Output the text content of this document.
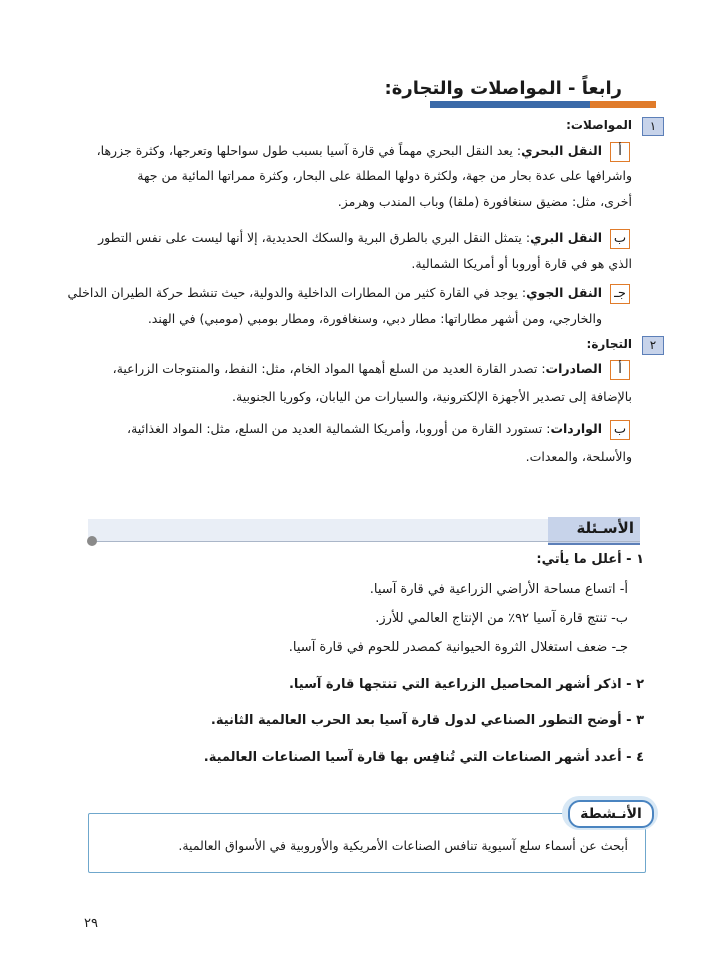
رابعاً - المواصلات والتجارة:
١
المواصلات:
أ
النقل البحري: يعد النقل البحري مهماً في قارة آسيا بسبب طول سواحلها وتعرجها، وكثرة جزرها،
واشرافها على عدة بحار من جهة، ولكثرة دولها المطلة على البحار، وكثرة ممراتها المائية من جهة
أخرى، مثل: مضيق سنغافورة (ملقا) وباب المندب وهرمز.
ب
النقل البري: يتمثل النقل البري بالطرق البرية والسكك الحديدية، إلا أنها ليست على نفس التطور
الذي هو في قارة أوروبا أو أمريكا الشمالية.
جـ
النقل الجوي: يوجد في القارة كثير من المطارات الداخلية والدولية، حيث تنشط حركة الطيران الداخلي
والخارجي، ومن أشهر مطاراتها: مطار دبي، وسنغافورة، ومطار بومبي (مومبي) في الهند.
٢
التجارة:
أ
الصادرات: تصدر القارة العديد من السلع أهمها المواد الخام، مثل: النفط، والمنتوجات الزراعية،
بالإضافة إلى تصدير الأجهزة الإلكترونية، والسيارات من اليابان، وكوريا الجنوبية.
ب
الواردات: تستورد القارة من أوروبا، وأمريكا الشمالية العديد من السلع، مثل: المواد الغذائية،
والأسلحة، والمعدات.
الأسـئلة
١ - أعلل ما يأتي:
أ- اتساع مساحة الأراضي الزراعية في قارة آسيا.
ب- تنتج قارة آسيا ٩٢٪ من الإنتاج العالمي للأرز.
جـ- ضعف استغلال الثروة الحيوانية كمصدر للحوم في قارة آسيا.
٢ - اذكر أشهر المحاصيل الزراعية التي تنتجها قارة آسيا.
٣ - أوضح التطور الصناعي لدول قارة آسيا بعد الحرب العالمية الثانية.
٤ - أعدد أشهر الصناعات التي تُنافِس بها قارة آسيا الصناعات العالمية.
الأنـشطة
أبحث عن أسماء سلع آسيوية تنافس الصناعات الأمريكية والأوروبية في الأسواق العالمية.
٢٩
